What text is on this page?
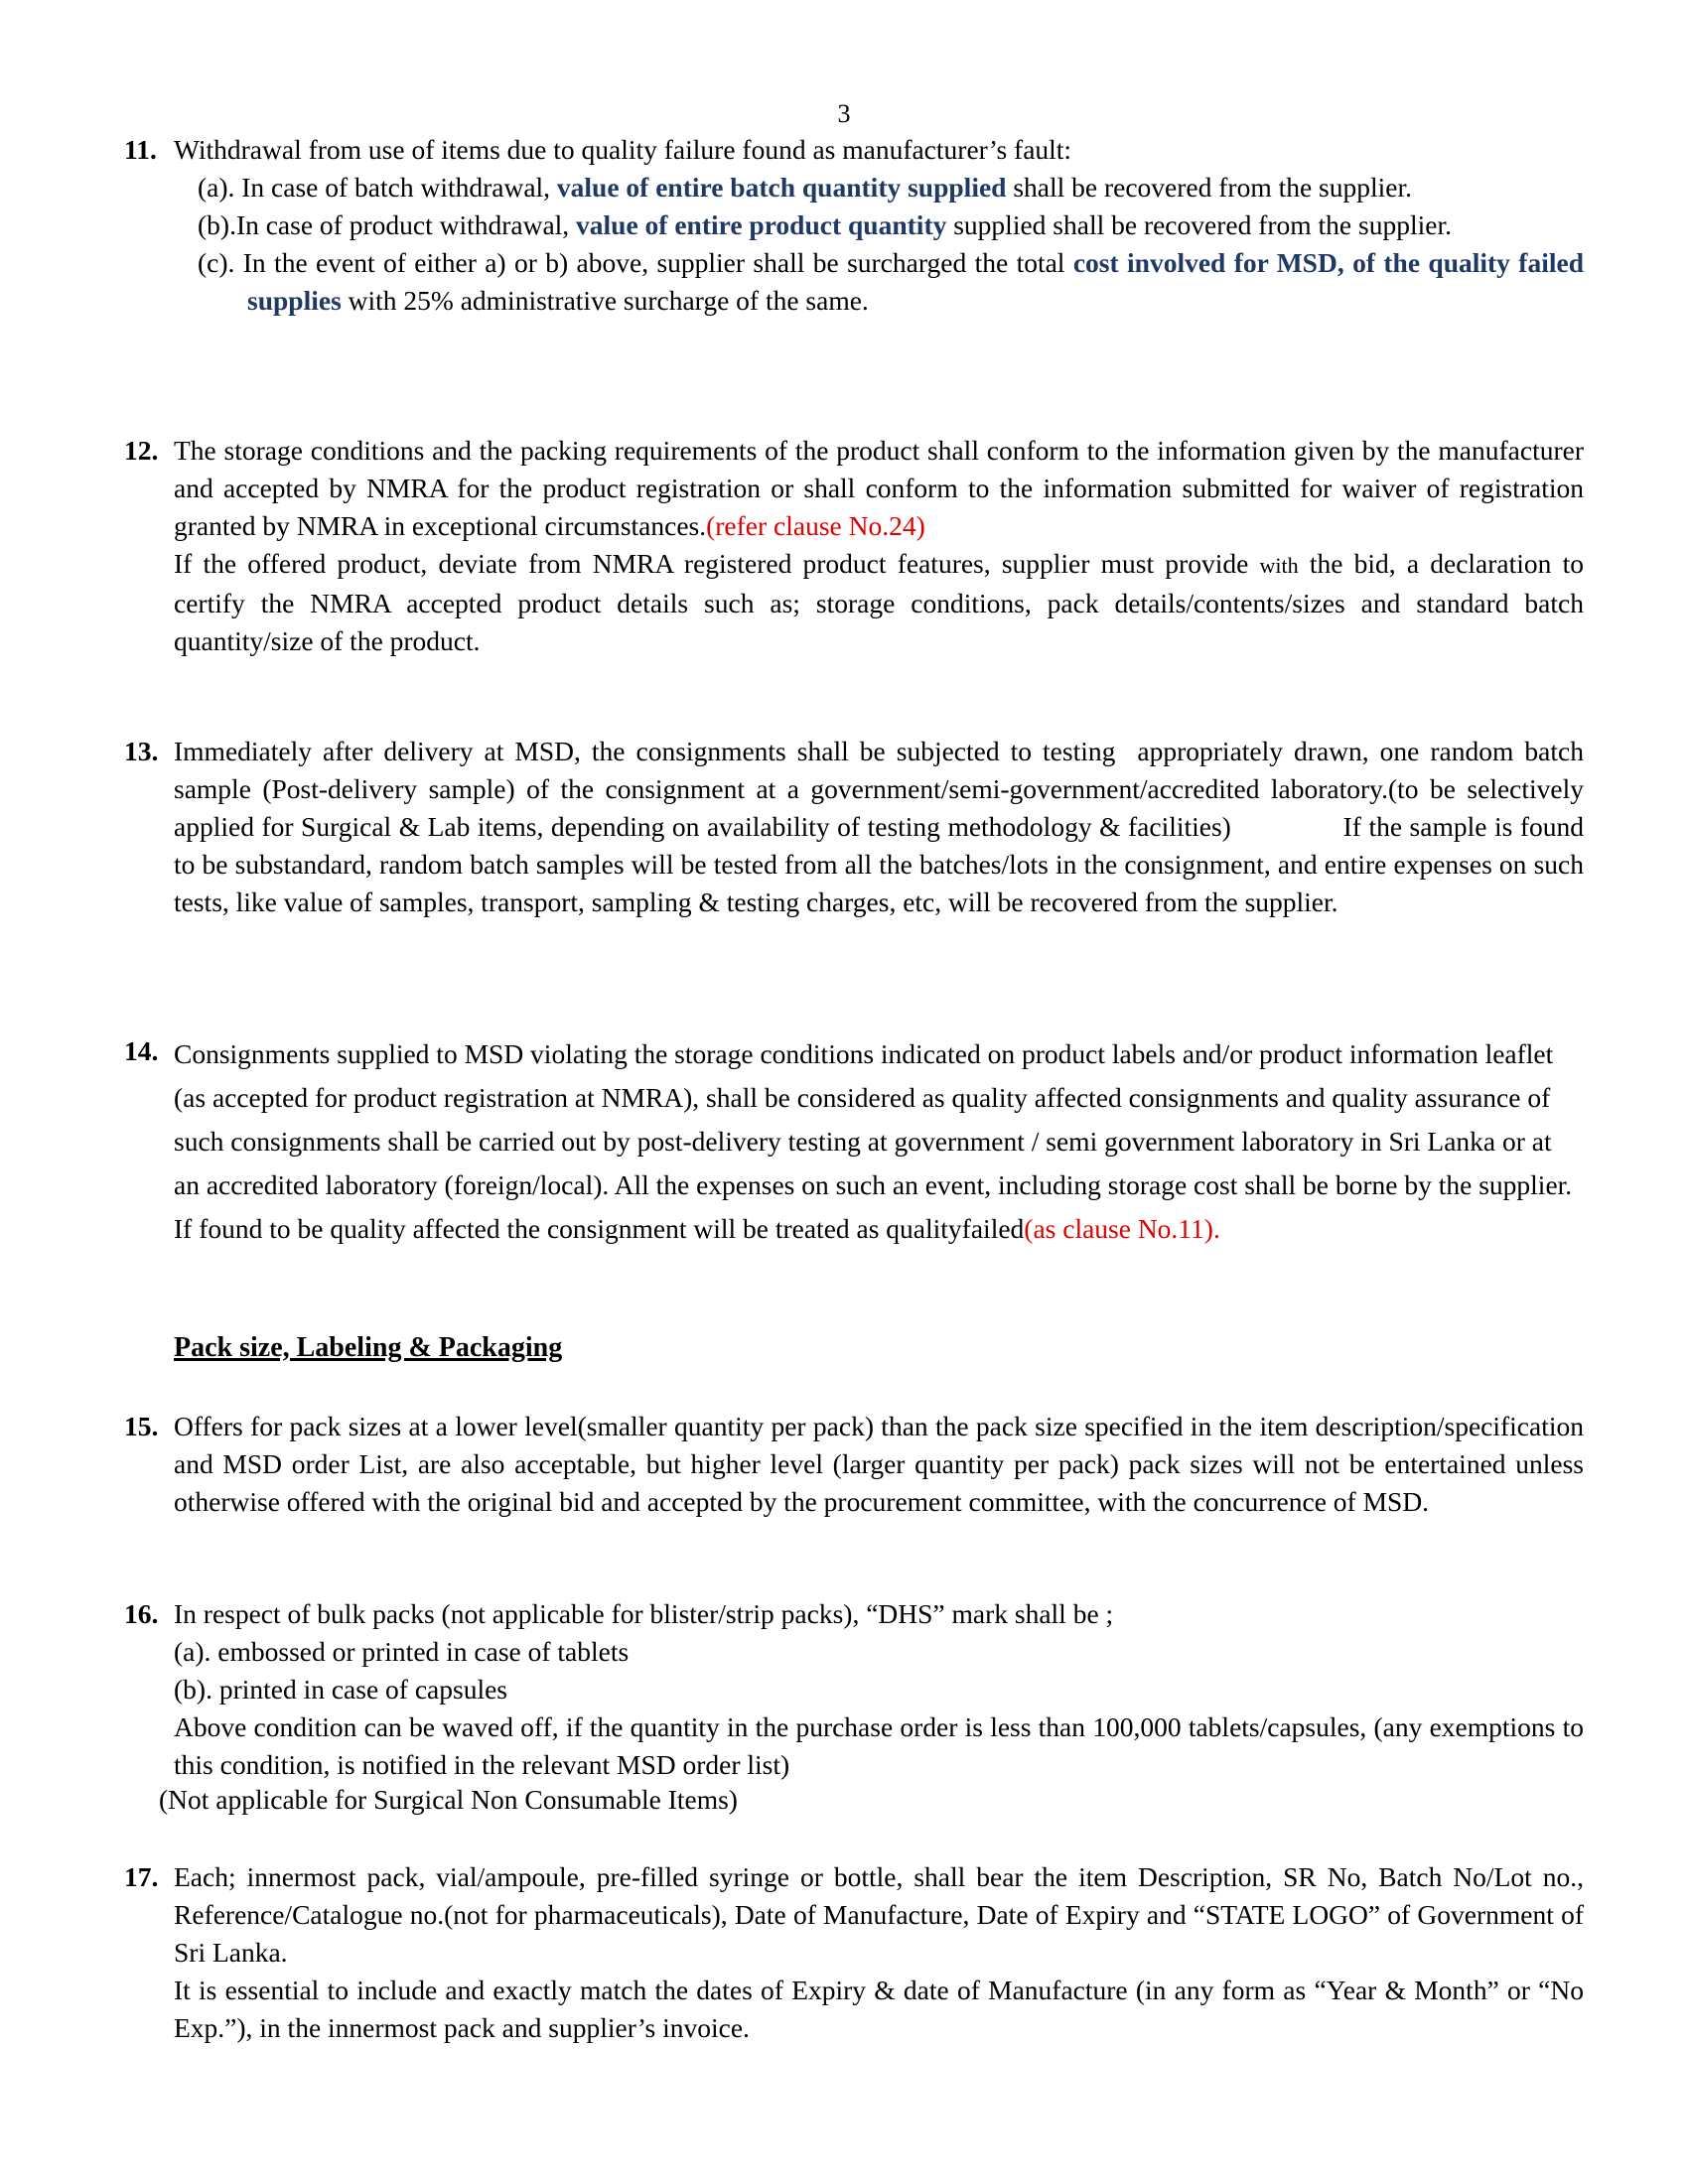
3
11. Withdrawal from use of items due to quality failure found as manufacturer’s fault:
(a). In case of batch withdrawal, value of entire batch quantity supplied shall be recovered from the supplier.
(b).In case of product withdrawal, value of entire product quantity supplied shall be recovered from the supplier.
(c). In the event of either a) or b) above, supplier shall be surcharged the total cost involved for MSD, of the quality failed supplies with 25% administrative surcharge of the same.
12. The storage conditions and the packing requirements of the product shall conform to the information given by the manufacturer and accepted by NMRA for the product registration or shall conform to the information submitted for waiver of registration granted by NMRA in exceptional circumstances.(refer clause No.24)
If the offered product, deviate from NMRA registered product features, supplier must provide with the bid, a declaration to certify the NMRA accepted product details such as; storage conditions, pack details/contents/sizes and standard batch quantity/size of the product.
13. Immediately after delivery at MSD, the consignments shall be subjected to testing  appropriately drawn, one random batch sample (Post-delivery sample) of the consignment at a government/semi-government/accredited laboratory.(to be selectively applied for Surgical & Lab items, depending on availability of testing methodology & facilities)               If the sample is found to be substandard, random batch samples will be tested from all the batches/lots in the consignment, and entire expenses on such tests, like value of samples, transport, sampling & testing charges, etc, will be recovered from the supplier.
14. Consignments supplied to MSD violating the storage conditions indicated on product labels and/or product information leaflet (as accepted for product registration at NMRA), shall be considered as quality affected consignments and quality assurance of such consignments shall be carried out by post-delivery testing at government / semi government laboratory in Sri Lanka or at an accredited laboratory (foreign/local). All the expenses on such an event, including storage cost shall be borne by the supplier. If found to be quality affected the consignment will be treated as qualityfailed(as clause No.11).
Pack size, Labeling & Packaging
15. Offers for pack sizes at a lower level(smaller quantity per pack) than the pack size specified in the item description/specification and MSD order List, are also acceptable, but higher level (larger quantity per pack) pack sizes will not be entertained unless otherwise offered with the original bid and accepted by the procurement committee, with the concurrence of MSD.
16. In respect of bulk packs (not applicable for blister/strip packs), “DHS” mark shall be ;
(a). embossed or printed in case of tablets
(b). printed in case of capsules
Above condition can be waved off, if the quantity in the purchase order is less than 100,000 tablets/capsules, (any exemptions to this condition, is notified in the relevant MSD order list)
(Not applicable for Surgical Non Consumable Items)
17. Each; innermost pack, vial/ampoule, pre-filled syringe or bottle, shall bear the item Description, SR No, Batch No/Lot no., Reference/Catalogue no.(not for pharmaceuticals), Date of Manufacture, Date of Expiry and “STATE LOGO” of Government of Sri Lanka.
It is essential to include and exactly match the dates of Expiry & date of Manufacture (in any form as “Year & Month” or “No Exp.”), in the innermost pack and supplier’s invoice.
